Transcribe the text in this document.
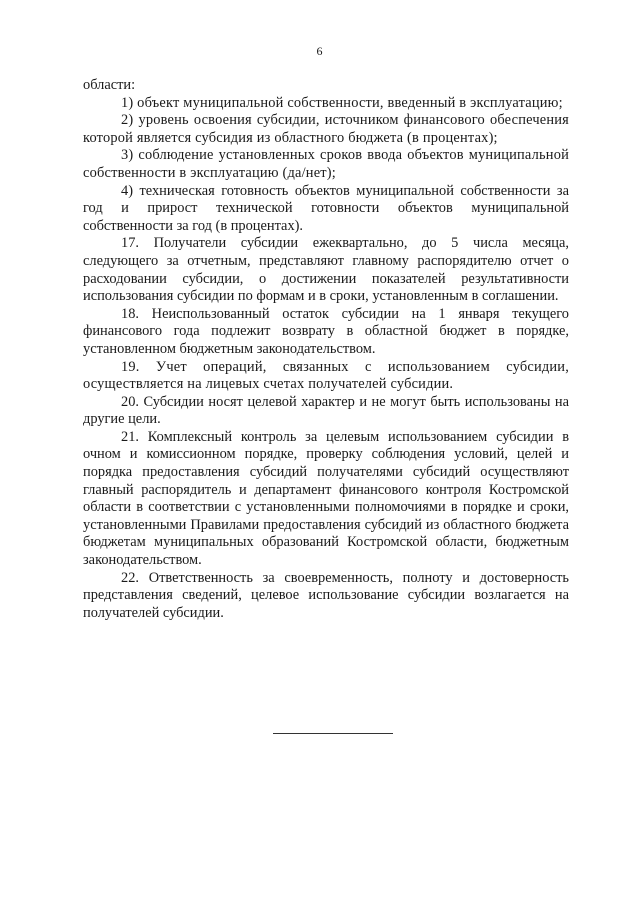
6

области:

1) объект муниципальной собственности, введенный в эксплуатацию;

2) уровень освоения субсидии, источником финансового обеспечения которой является субсидия из областного бюджета (в процентах);

3) соблюдение установленных сроков ввода объектов муниципальной собственности в эксплуатацию (да/нет);

4) техническая готовность объектов муниципальной собственности за год и прирост технической готовности объектов муниципальной собственности за год (в процентах).

17. Получатели субсидии ежеквартально, до 5 числа месяца, следующего за отчетным, представляют главному распорядителю отчет о расходовании субсидии, о достижении показателей результативности использования субсидии по формам и в сроки, установленным в соглашении.

18. Неиспользованный остаток субсидии на 1 января текущего финансового года подлежит возврату в областной бюджет в порядке, установленном бюджетным законодательством.

19. Учет операций, связанных с использованием субсидии, осуществляется на лицевых счетах получателей субсидии.

20. Субсидии носят целевой характер и не могут быть использованы на другие цели.

21. Комплексный контроль за целевым использованием субсидии в очном и комиссионном порядке, проверку соблюдения условий, целей и порядка предоставления субсидий получателями субсидий осуществляют главный распорядитель и департамент финансового контроля Костромской области в соответствии с установленными полномочиями в порядке и сроки, установленными Правилами предоставления субсидий из областного бюджета бюджетам муниципальных образований Костромской области, бюджетным законодательством.

22. Ответственность за своевременность, полноту и достоверность представления сведений, целевое использование субсидии возлагается на получателей субсидии.
